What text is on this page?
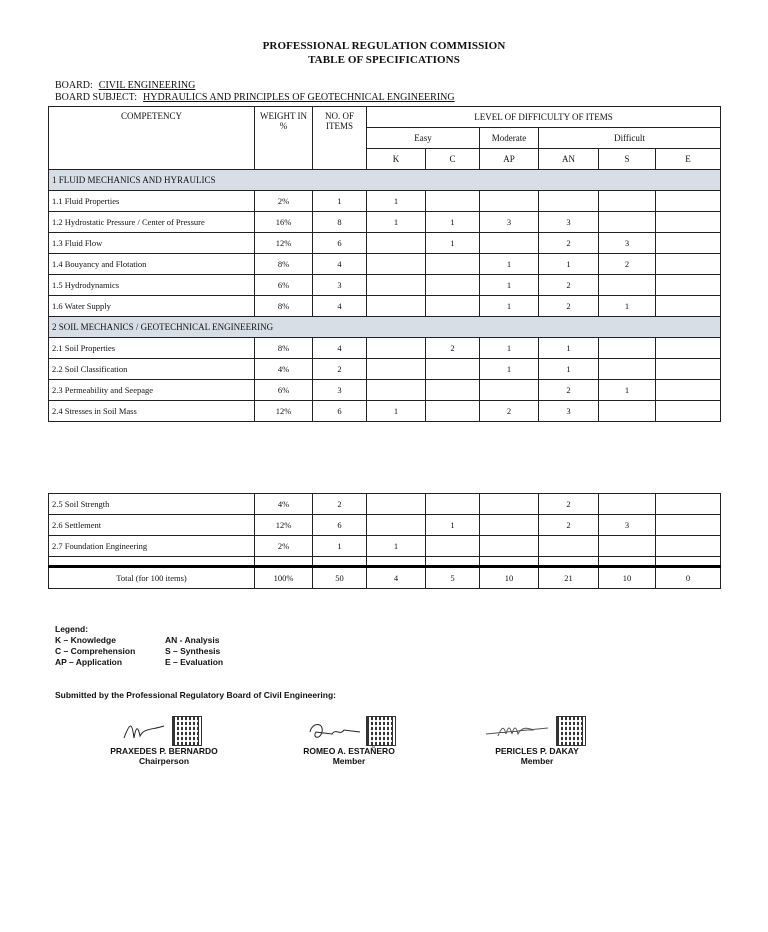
PROFESSIONAL REGULATION COMMISSION
TABLE OF SPECIFICATIONS
BOARD: CIVIL ENGINEERING
BOARD SUBJECT: HYDRAULICS AND PRINCIPLES OF GEOTECHNICAL ENGINEERING
COMPETENCY	WEIGHT IN %	NO. OF ITEMS	LEVEL OF DIFFICULTY OF ITEMS					
			Easy		Moderate	Difficult		
			K	C	AP	AN	S	E
1 FLUID MECHANICS AND HYRAULICS								
1.1 Fluid Properties	2%	1	1					
1.2 Hydrostatic Pressure / Center of Pressure	16%	8	1	1	3	3		
1.3 Fluid Flow	12%	6		1		2	3	
1.4 Bouyancy and Flotation	8%	4			1	1	2	
1.5 Hydrodynamics	6%	3			1	2		
1.6 Water Supply	8%	4			1	2	1	
2 SOIL MECHANICS / GEOTECHNICAL ENGINEERING								
2.1 Soil Properties	8%	4		2	1	1		
2.2 Soil Classification	4%	2			1	1		
2.3 Permeability and Seepage	6%	3				2	1	
2.4 Stresses in Soil Mass	12%	6	1		2	3		
2.5 Soil Strength	4%	2				2		
2.6 Settlement	12%	6		1		2	3	
2.7 Foundation Engineering	2%	1	1					

Total (for 100 items)	100%	50	4	5	10	21	10	0
Legend:
K – Knowledge
C – Comprehension
AP – Application
AN - Analysis
S – Synthesis
E – Evaluation
Submitted by the Professional Regulatory Board of Civil Engineering:
PRAXEDES P. BERNARDO
Chairperson
ROMEO A. ESTAÑERO
Member
PERICLES P. DAKAY
Member
